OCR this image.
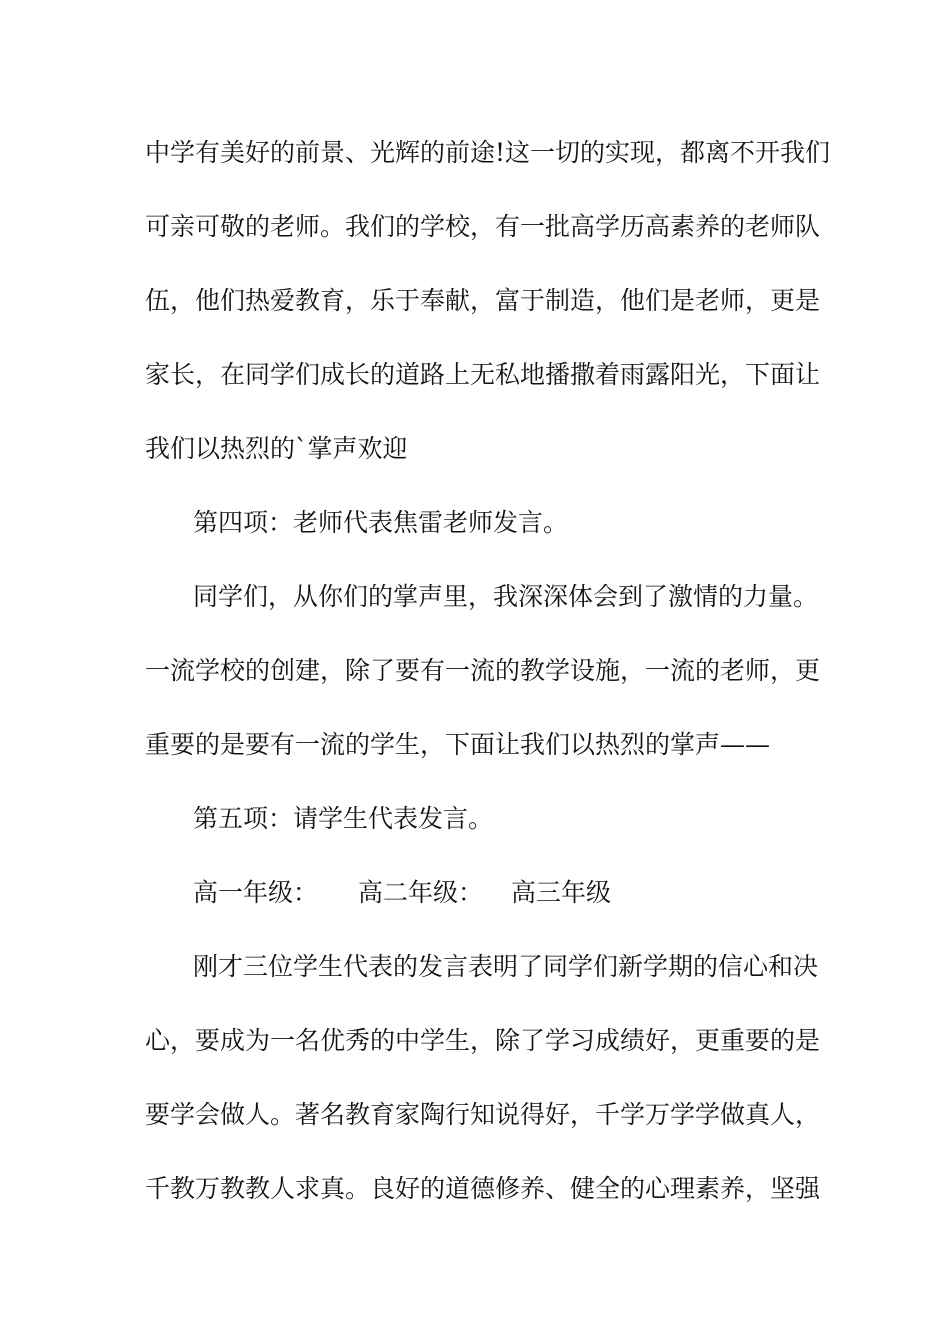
中学有美好的前景、光辉的前途!这一切的实现，都离不开我们
可亲可敬的老师。我们的学校，有一批高学历高素养的老师队
伍，他们热爱教育，乐于奉献，富于制造，他们是老师，更是
家长，在同学们成长的道路上无私地播撒着雨露阳光，下面让
我们以热烈的`掌声欢迎
第四项：老师代表焦雷老师发言。
同学们，从你们的掌声里，我深深体会到了激情的力量。
一流学校的创建，除了要有一流的教学设施，一流的老师，更
重要的是要有一流的学生，下面让我们以热烈的掌声——
第五项：请学生代表发言。
高一年级： 高二年级： 高三年级
刚才三位学生代表的发言表明了同学们新学期的信心和决
心，要成为一名优秀的中学生，除了学习成绩好，更重要的是
要学会做人。著名教育家陶行知说得好，千学万学学做真人，
千教万教教人求真。良好的道德修养、健全的心理素养，坚强
